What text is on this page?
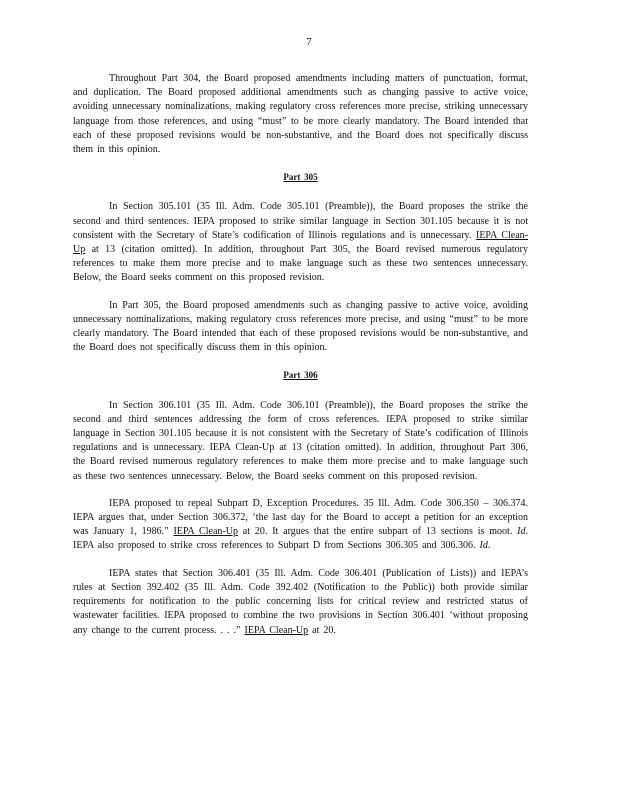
7

Throughout Part 304, the Board proposed amendments including matters of punctuation, format, and duplication. The Board proposed additional amendments such as changing passive to active voice, avoiding unnecessary nominalizations, making regulatory cross references more precise, striking unnecessary language from those references, and using “must” to be more clearly mandatory. The Board intended that each of these proposed revisions would be non-substantive, and the Board does not specifically discuss them in this opinion.

Part 305

In Section 305.101 (35 Ill. Adm. Code 305.101 (Preamble)), the Board proposes the strike the second and third sentences. IEPA proposed to strike similar language in Section 301.105 because it is not consistent with the Secretary of State’s codification of Illinois regulations and is unnecessary. IEPA Clean-Up at 13 (citation omitted). In addition, throughout Part 305, the Board revised numerous regulatory references to make them more precise and to make language such as these two sentences unnecessary. Below, the Board seeks comment on this proposed revision.

In Part 305, the Board proposed amendments such as changing passive to active voice, avoiding unnecessary nominalizations, making regulatory cross references more precise, and using “must” to be more clearly mandatory. The Board intended that each of these proposed revisions would be non-substantive, and the Board does not specifically discuss them in this opinion.

Part 306

In Section 306.101 (35 Ill. Adm. Code 306.101 (Preamble)), the Board proposes the strike the second and third sentences addressing the form of cross references. IEPA proposed to strike similar language in Section 301.105 because it is not consistent with the Secretary of State’s codification of Illinois regulations and is unnecessary. IEPA Clean-Up at 13 (citation omitted). In addition, throughout Part 306, the Board revised numerous regulatory references to make them more precise and to make language such as these two sentences unnecessary. Below, the Board seeks comment on this proposed revision.

IEPA proposed to repeal Subpart D, Exception Procedures. 35 Ill. Adm. Code 306.350 – 306.374. IEPA argues that, under Section 306.372, ‘the last day for the Board to accept a petition for an exception was January 1, 1986.” IEPA Clean-Up at 20. It argues that the entire subpart of 13 sections is moot. Id. IEPA also proposed to strike cross references to Subpart D from Sections 306.305 and 306.306. Id.

IEPA states that Section 306.401 (35 Ill. Adm. Code 306.401 (Publication of Lists)) and IEPA’s rules at Section 392.402 (35 Ill. Adm. Code 392.402 (Notification to the Public)) both provide similar requirements for notification to the public concerning lists for critical review and restricted status of wastewater facilities. IEPA proposed to combine the two provisions in Section 306.401 ‘without proposing any change to the current process. . . .” IEPA Clean-Up at 20.
